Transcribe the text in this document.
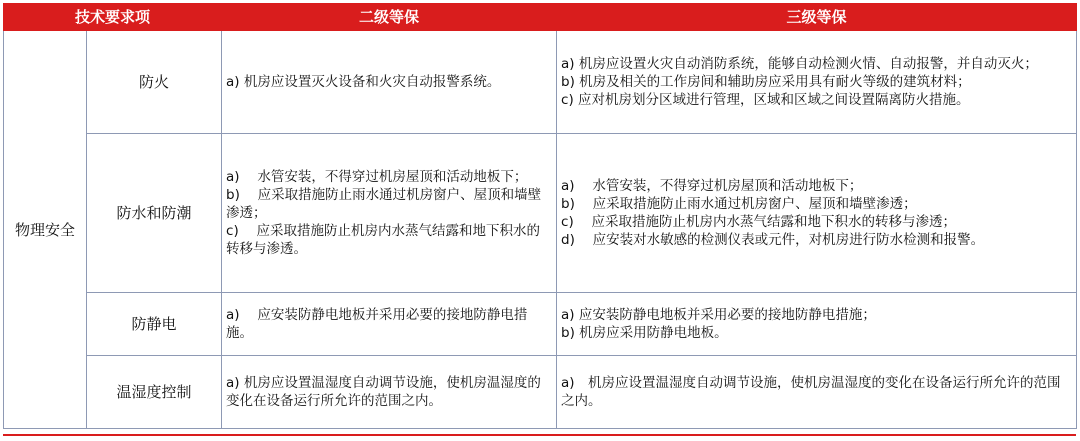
技术要求项		二级等保	三级等保
物理安全	防火	a) 机房应设置灭火设备和火灾自动报警系统。	a) 机房应设置火灾自动消防系统，能够自动检测火情、自动报警，并自动灭火；
b) 机房及相关的工作房间和辅助房应采用具有耐火等级的建筑材料；
c) 应对机房划分区域进行管理，区域和区域之间设置隔离防火措施。

	防水和防潮	a)　 水管安装，不得穿过机房屋顶和活动地板下；
b)　 应采取措施防止雨水通过机房窗户、屋顶和墙壁渗透；
c)　 应采取措施防止机房内水蒸气结露和地下积水的转移与渗透。	a)　 水管安装，不得穿过机房屋顶和活动地板下；
b)　 应采取措施防止雨水通过机房窗户、屋顶和墙壁渗透；
c)　 应采取措施防止机房内水蒸气结露和地下积水的转移与渗透；
d)　 应安装对水敏感的检测仪表或元件，对机房进行防水检测和报警。

	防静电	a)　 应安装防静电地板并采用必要的接地防静电措施。	a) 应安装防静电地板并采用必要的接地防静电措施；
b) 机房应采用防静电地板。

	温湿度控制	a) 机房应设置温湿度自动调节设施，使机房温湿度的变化在设备运行所允许的范围之内。	a)　机房应设置温湿度自动调节设施，使机房温湿度的变化在设备运行所允许的范围之内。
